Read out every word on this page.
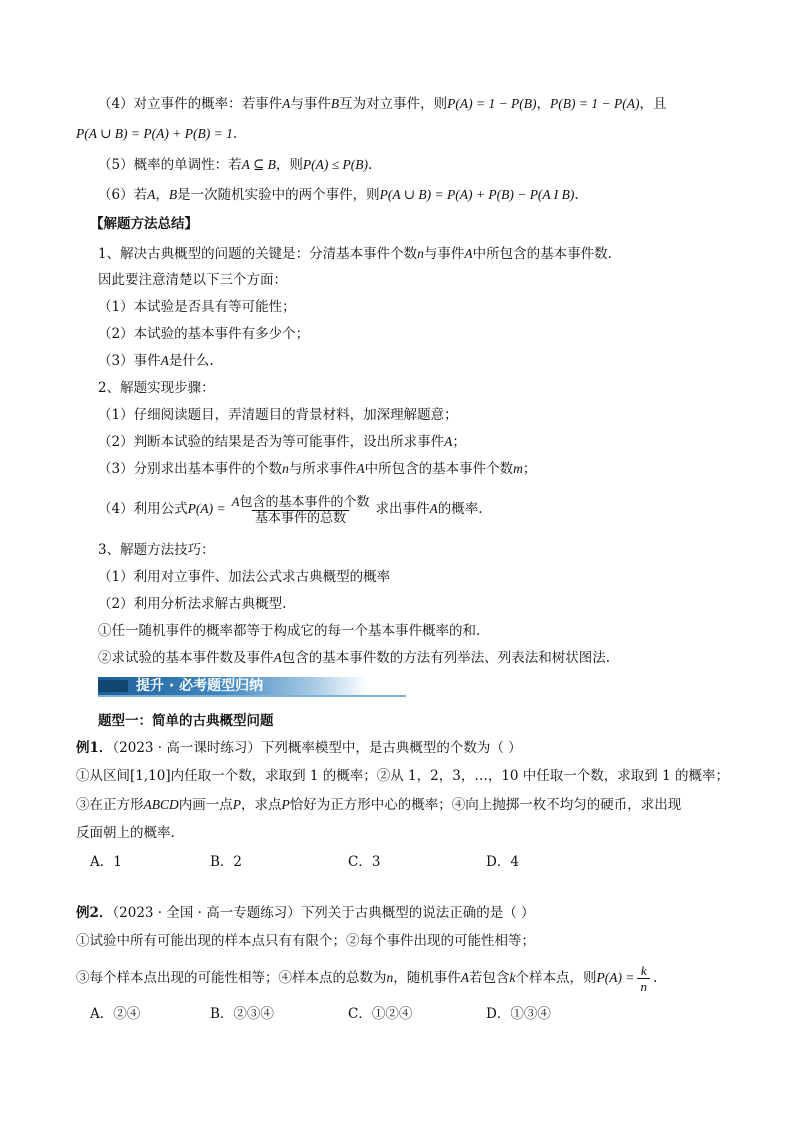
（4）对立事件的概率：若事件A与事件B互为对立事件，则P(A) = 1 − P(B)，P(B) = 1 − P(A)，且
P(A ∪ B) = P(A) + P(B) = 1.
（5）概率的单调性：若A ⊆ B，则P(A) ≤ P(B).
（6）若A，B是一次随机实验中的两个事件，则P(A ∪ B) = P(A) + P(B) − P(A I B).
【解题方法总结】
1、解决古典概型的问题的关键是：分清基本事件个数n与事件A中所包含的基本事件数.
因此要注意清楚以下三个方面：
（1）本试验是否具有等可能性；
（2）本试验的基本事件有多少个；
（3）事件A是什么.
2、解题实现步骤：
（1）仔细阅读题目，弄清题目的背景材料，加深理解题意；
（2）判断本试验的结果是否为等可能事件，设出所求事件A；
（3）分别求出基本事件的个数n与所求事件A中所包含的基本事件个数m；
（4）利用公式$P(A) = \frac{\text{A包含的基本事件的个数}}{\text{基本事件的总数}}$ 求出事件A的概率.
3、解题方法技巧：
（1）利用对立事件、加法公式求古典概型的概率
（2）利用分析法求解古典概型.
①任一随机事件的概率都等于构成它的每一个基本事件概率的和.
②求试验的基本事件数及事件A包含的基本事件数的方法有列举法、列表法和树状图法.
提升 · 必考题型归纳
题型一：简单的古典概型问题
例1．（2023 · 高一课时练习）下列概率模型中，是古典概型的个数为（ ）
①从区间[1,10]内任取一个数，求取到 1 的概率；②从 1，2，3，…，10 中任取一个数，求取到 1 的概率；
③在正方形ABCD内画一点P，求点P恰好为正方形中心的概率；④向上抛掷一枚不均匀的硬币，求出现
反面朝上的概率.
A．1	B．2	C．3	D．4
例2．（2023 · 全国 · 高一专题练习）下列关于古典概型的说法正确的是（ ）
①试验中所有可能出现的样本点只有有限个；②每个事件出现的可能性相等；
③每个样本点出现的可能性相等；④样本点的总数为n，随机事件A若包含k个样本点，则$P(A) = \frac{k}{n}$ .
A．②④	B．②③④	C．①②④	D．①③④
